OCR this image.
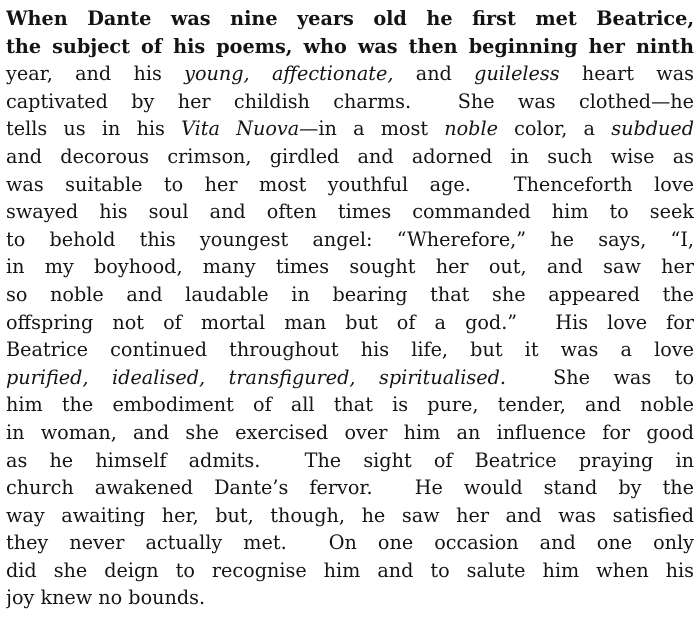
When Dante was nine years old he first met Beatrice,
the subject of his poems, who was then beginning her ninth
year, and his young, affectionate, and guileless heart was
captivated by her childish charms.  She was clothed—he
tells us in his Vita Nuova—in a most noble color, a subdued
and decorous crimson, girdled and adorned in such wise as
was suitable to her most youthful age.  Thenceforth love
swayed his soul and often times commanded him to seek
to behold this youngest angel: “Wherefore,” he says, “I,
in my boyhood, many times sought her out, and saw her
so noble and laudable in bearing that she appeared the
offspring not of mortal man but of a god.”  His love for
Beatrice continued throughout his life, but it was a love
purified, idealised, transfigured, spiritualised.  She was to
him the embodiment of all that is pure, tender, and noble
in woman, and she exercised over him an influence for good
as he himself admits.  The sight of Beatrice praying in
church awakened Dante’s fervor.  He would stand by the
way awaiting her, but, though, he saw her and was satisfied
they never actually met.  On one occasion and one only
did she deign to recognise him and to salute him when his
joy knew no bounds.
